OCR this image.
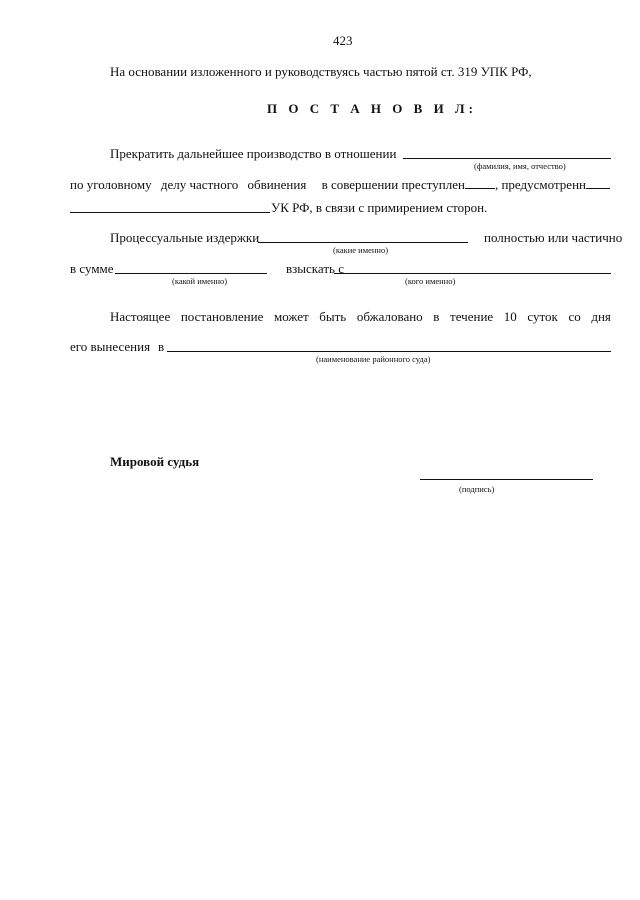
423
На основании изложенного и руководствуясь частью пятой ст. 319 УПК РФ,
П О С Т А Н О В И Л:
Прекратить дальнейшее производство в отношении
(фамилия, имя, отчество)
по уголовному делу частного обвинения в совершении преступлен , предусмотренн
УК РФ, в связи с примирением сторон.
Процессуальные издержки	полностью или частично
(какие именно)
в сумме	взыскать с
(какой именно)	(кого именно)
Настоящее постановление может быть обжаловано в течение 10 суток со дня
его вынесения в
(наименование районного суда)
Мировой судья
(подпись)
